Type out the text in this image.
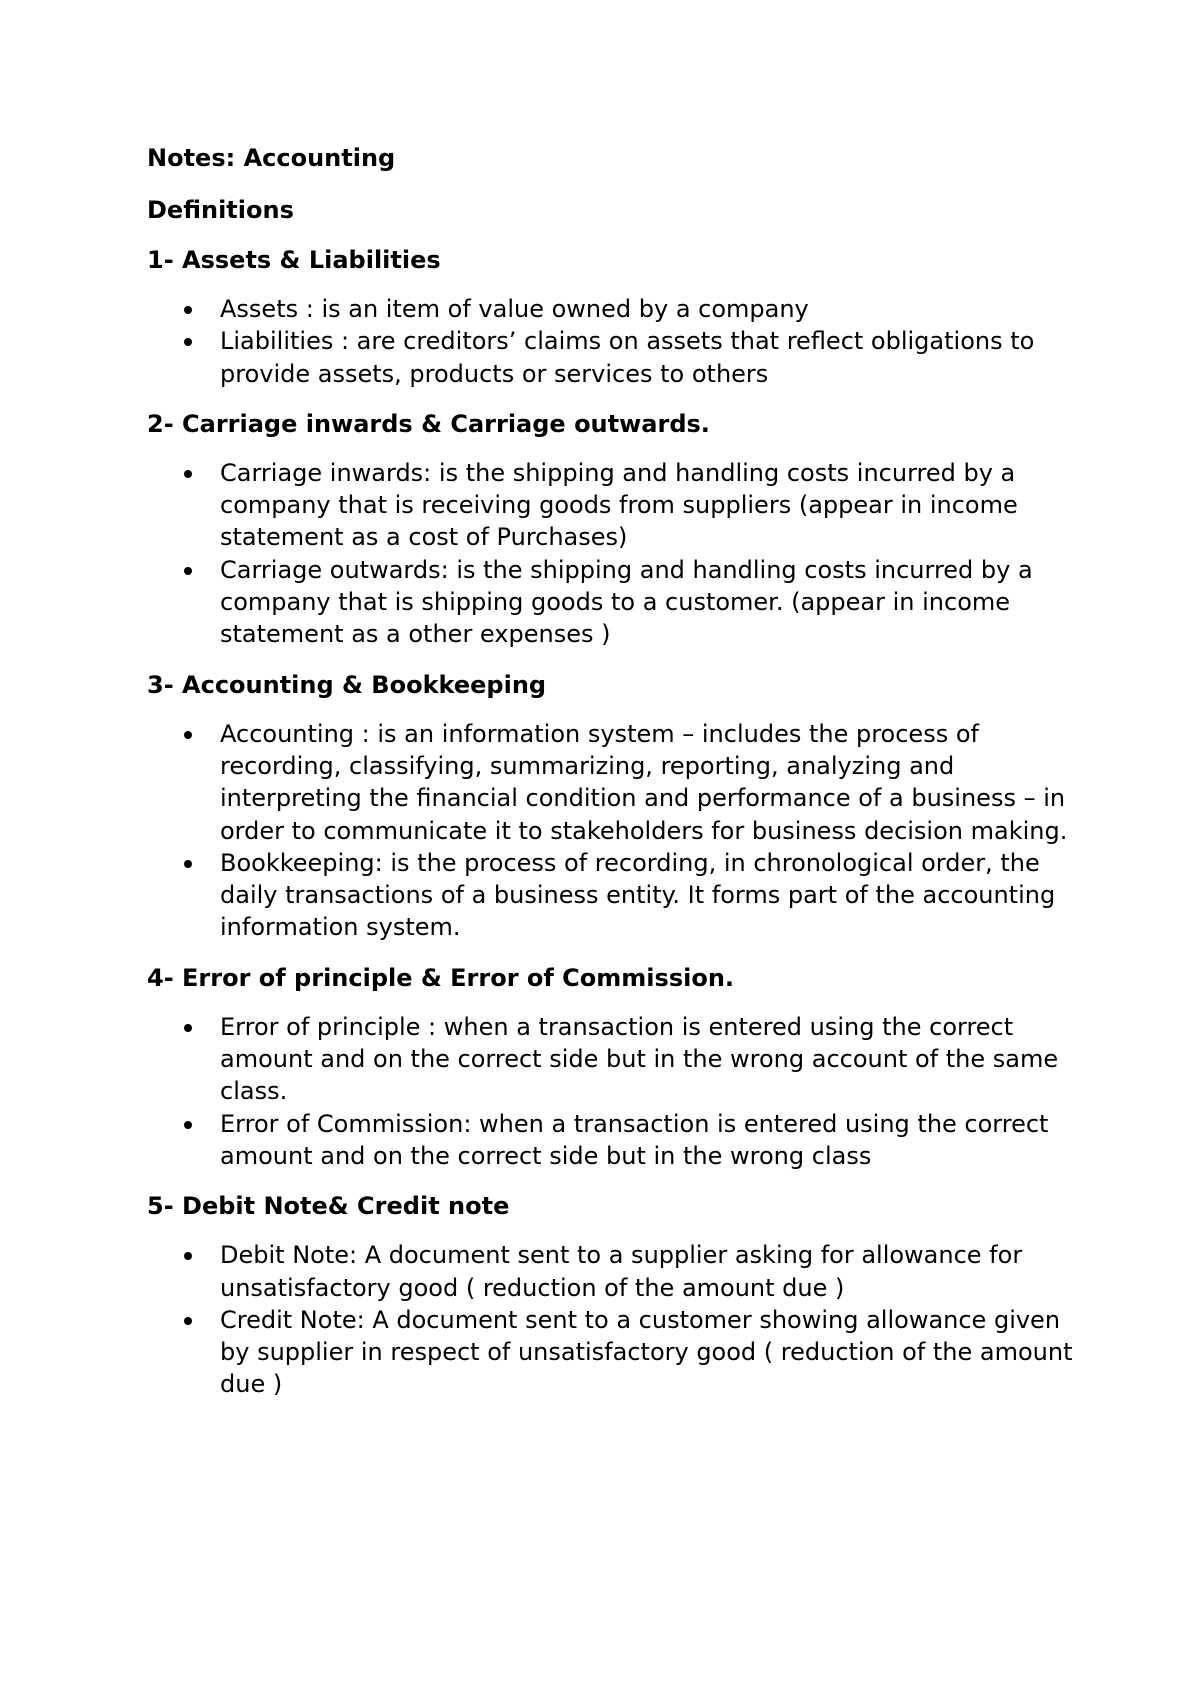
Notes: Accounting
Definitions
1- Assets & Liabilities
Assets : is an item of value owned by a company
Liabilities : are creditors’ claims on assets that reflect obligations to provide assets, products or services to others
2- Carriage inwards & Carriage outwards.
Carriage inwards: is the shipping and handling costs incurred by a company that is receiving goods from suppliers (appear in income statement as a cost of Purchases)
Carriage outwards: is the shipping and handling costs incurred by a company that is shipping goods to a customer. (appear in income statement as a other expenses )
3- Accounting & Bookkeeping
Accounting : is an information system – includes the process of recording, classifying, summarizing, reporting, analyzing and interpreting the financial condition and performance of a business – in order to communicate it to stakeholders for business decision making.
Bookkeeping: is the process of recording, in chronological order, the daily transactions of a business entity. It forms part of the accounting information system.
4- Error of principle & Error of Commission.
Error of principle : when a transaction is entered using the correct amount and on the correct side but in the wrong account of the same class.
Error of Commission: when a transaction is entered using the correct amount and on the correct side but in the wrong class
5- Debit Note& Credit note
Debit Note: A document sent to a supplier asking for allowance for unsatisfactory good ( reduction of the amount due )
Credit Note: A document sent to a customer showing allowance given by supplier in respect of unsatisfactory good ( reduction of the amount due )
